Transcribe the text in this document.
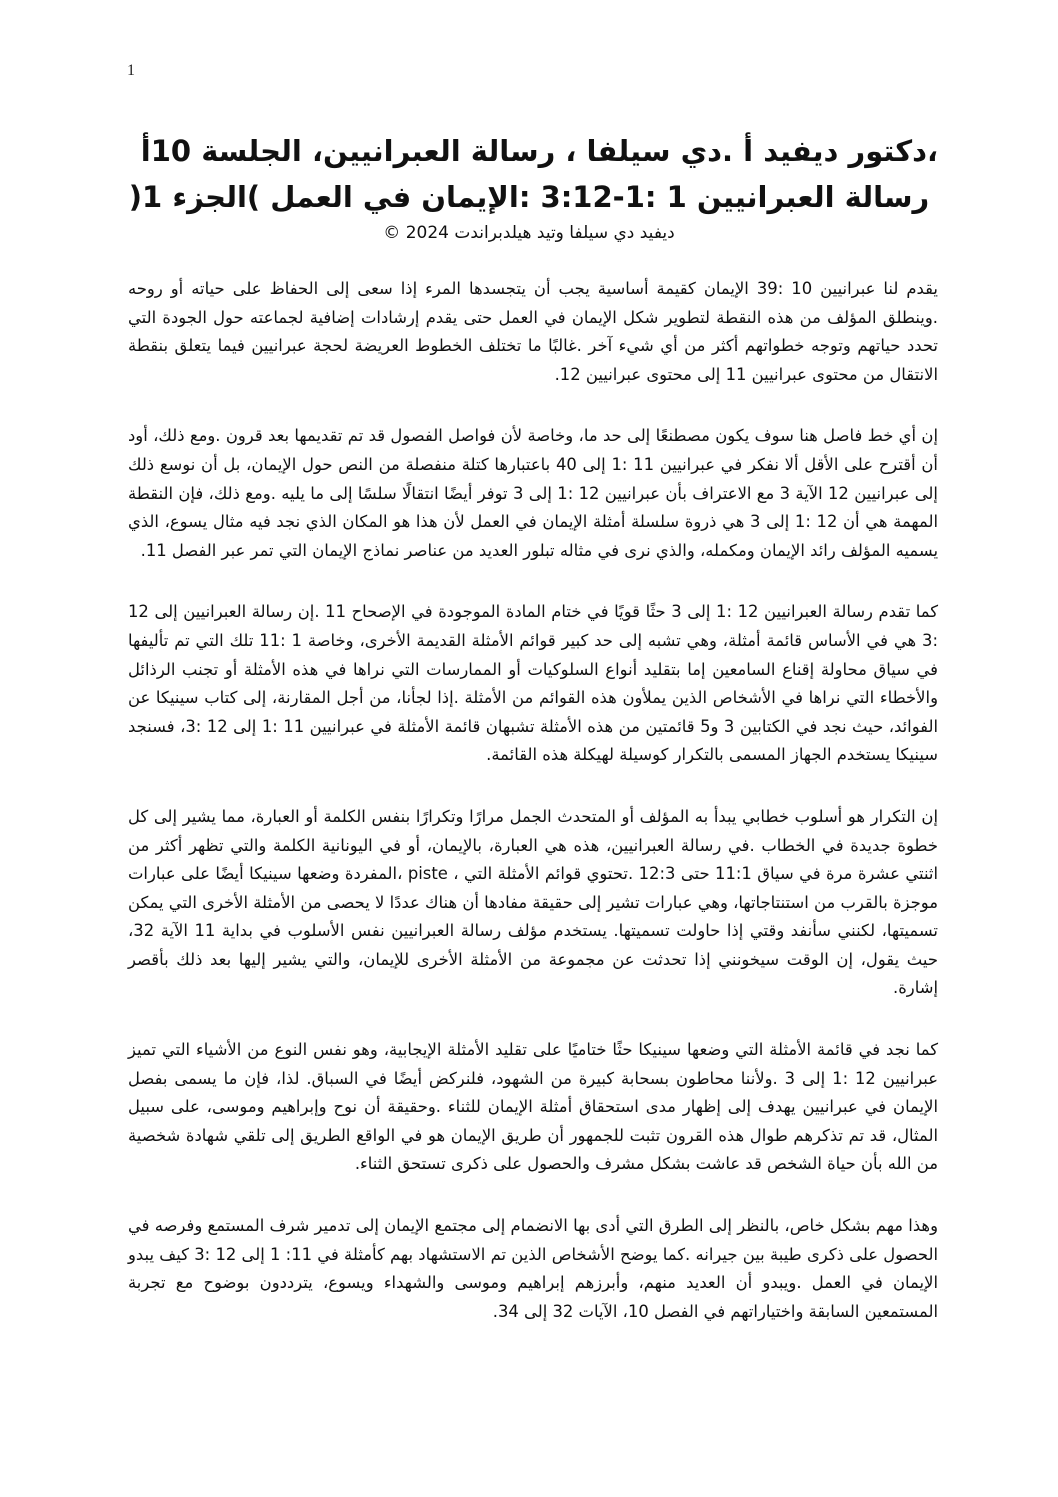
1
،دكتور ديفيد أ .دي سيلفا ، رسالة العبرانيين، الجلسة 10أ
رسالة العبرانيين 1 :1-3:12 :الإيمان في العمل )الجزء 1(
ديفيد دي سيلفا وتيد هيلدبراندت 2024 ©

يقدم لنا عبرانيين 10 :39 الإيمان كقيمة أساسية يجب أن يتجسدها المرء إذا سعى إلى الحفاظ على حياته أو روحه .وينطلق المؤلف من هذه النقطة لتطوير شكل الإيمان في العمل حتى يقدم إرشادات إضافية لجماعته حول الجودة التي تحدد حياتهم وتوجه خطواتهم أكثر من أي شيء آخر .غالبًا ما تختلف الخطوط العريضة لحجة عبرانيين فيما يتعلق بنقطة الانتقال من محتوى عبرانيين 11 إلى محتوى عبرانيين 12.

إن أي خط فاصل هنا سوف يكون مصطنعًا إلى حد ما، وخاصة لأن فواصل الفصول قد تم تقديمها بعد قرون .ومع ذلك، أود أن أقترح على الأقل ألا نفكر في عبرانيين 11 :1 إلى 40 باعتبارها كتلة منفصلة من النص حول الإيمان، بل أن نوسع ذلك إلى عبرانيين 12 الآية 3 مع الاعتراف بأن عبرانيين 12 :1 إلى 3 توفر أيضًا انتقالًا سلسًا إلى ما يليه .ومع ذلك، فإن النقطة المهمة هي أن 12 :1 إلى 3 هي ذروة سلسلة أمثلة الإيمان في العمل لأن هذا هو المكان الذي نجد فيه مثال يسوع، الذي يسميه المؤلف رائد الإيمان ومكمله، والذي نرى في مثاله تبلور العديد من عناصر نماذج الإيمان التي تمر عبر الفصل 11.

كما تقدم رسالة العبرانيين 12 :1 إلى 3 حثًا قويًا في ختام المادة الموجودة في الإصحاح 11 .إن رسالة العبرانيين إلى 12 :3 هي في الأساس قائمة أمثلة، وهي تشبه إلى حد كبير قوائم الأمثلة القديمة الأخرى، وخاصة 1 :11 تلك التي تم تأليفها في سياق محاولة إقناع السامعين إما بتقليد أنواع السلوكيات أو الممارسات التي نراها في هذه الأمثلة أو تجنب الرذائل والأخطاء التي نراها في الأشخاص الذين يملأون هذه القوائم من الأمثلة .إذا لجأنا، من أجل المقارنة، إلى كتاب سينيكا عن الفوائد، حيث نجد في الكتابين 3 و5 قائمتين من هذه الأمثلة تشبهان قائمة الأمثلة في عبرانيين 11 :1 إلى 12 :3، فسنجد سينيكا يستخدم الجهاز المسمى بالتكرار كوسيلة لهيكلة هذه القائمة.

إن التكرار هو أسلوب خطابي يبدأ به المؤلف أو المتحدث الجمل مرارًا وتكرارًا بنفس الكلمة أو العبارة، مما يشير إلى كل خطوة جديدة في الخطاب .في رسالة العبرانيين، هذه هي العبارة، بالإيمان، أو في اليونانية الكلمة والتي تظهر أكثر من اثنتي عشرة مرة في سياق 11:1 حتى 12:3 .تحتوي قوائم الأمثلة التي ، piste ،المفردة وضعها سينيكا أيضًا على عبارات موجزة بالقرب من استنتاجاتها، وهي عبارات تشير إلى حقيقة مفادها أن هناك عددًا لا يحصى من الأمثلة الأخرى التي يمكن تسميتها، لكنني سأنفد وقتي إذا حاولت تسميتها. يستخدم مؤلف رسالة العبرانيين نفس الأسلوب في بداية 11 الآية 32، حيث يقول، إن الوقت سيخونني إذا تحدثت عن مجموعة من الأمثلة الأخرى للإيمان، والتي يشير إليها بعد ذلك بأقصر إشارة.

كما نجد في قائمة الأمثلة التي وضعها سينيكا حثًا ختاميًا على تقليد الأمثلة الإيجابية، وهو نفس النوع من الأشياء التي تميز عبرانيين 12 :1 إلى 3 .ولأننا محاطون بسحابة كبيرة من الشهود، فلنركض أيضًا في السباق. لذا، فإن ما يسمى بفصل الإيمان في عبرانيين يهدف إلى إظهار مدى استحقاق أمثلة الإيمان للثناء .وحقيقة أن نوح وإبراهيم وموسى، على سبيل المثال، قد تم تذكرهم طوال هذه القرون تثبت للجمهور أن طريق الإيمان هو في الواقع الطريق إلى تلقي شهادة شخصية من الله بأن حياة الشخص قد عاشت بشكل مشرف والحصول على ذكرى تستحق الثناء.

وهذا مهم بشكل خاص، بالنظر إلى الطرق التي أدى بها الانضمام إلى مجتمع الإيمان إلى تدمير شرف المستمع وفرصه في الحصول على ذكرى طيبة بين جيرانه .كما يوضح الأشخاص الذين تم الاستشهاد بهم كأمثلة في 11: 1 إلى 12 :3 كيف يبدو الإيمان في العمل .ويبدو أن العديد منهم، وأبرزهم إبراهيم وموسى والشهداء ويسوع، يترددون بوضوح مع تجربة المستمعين السابقة واختياراتهم في الفصل 10، الآيات 32 إلى 34.
